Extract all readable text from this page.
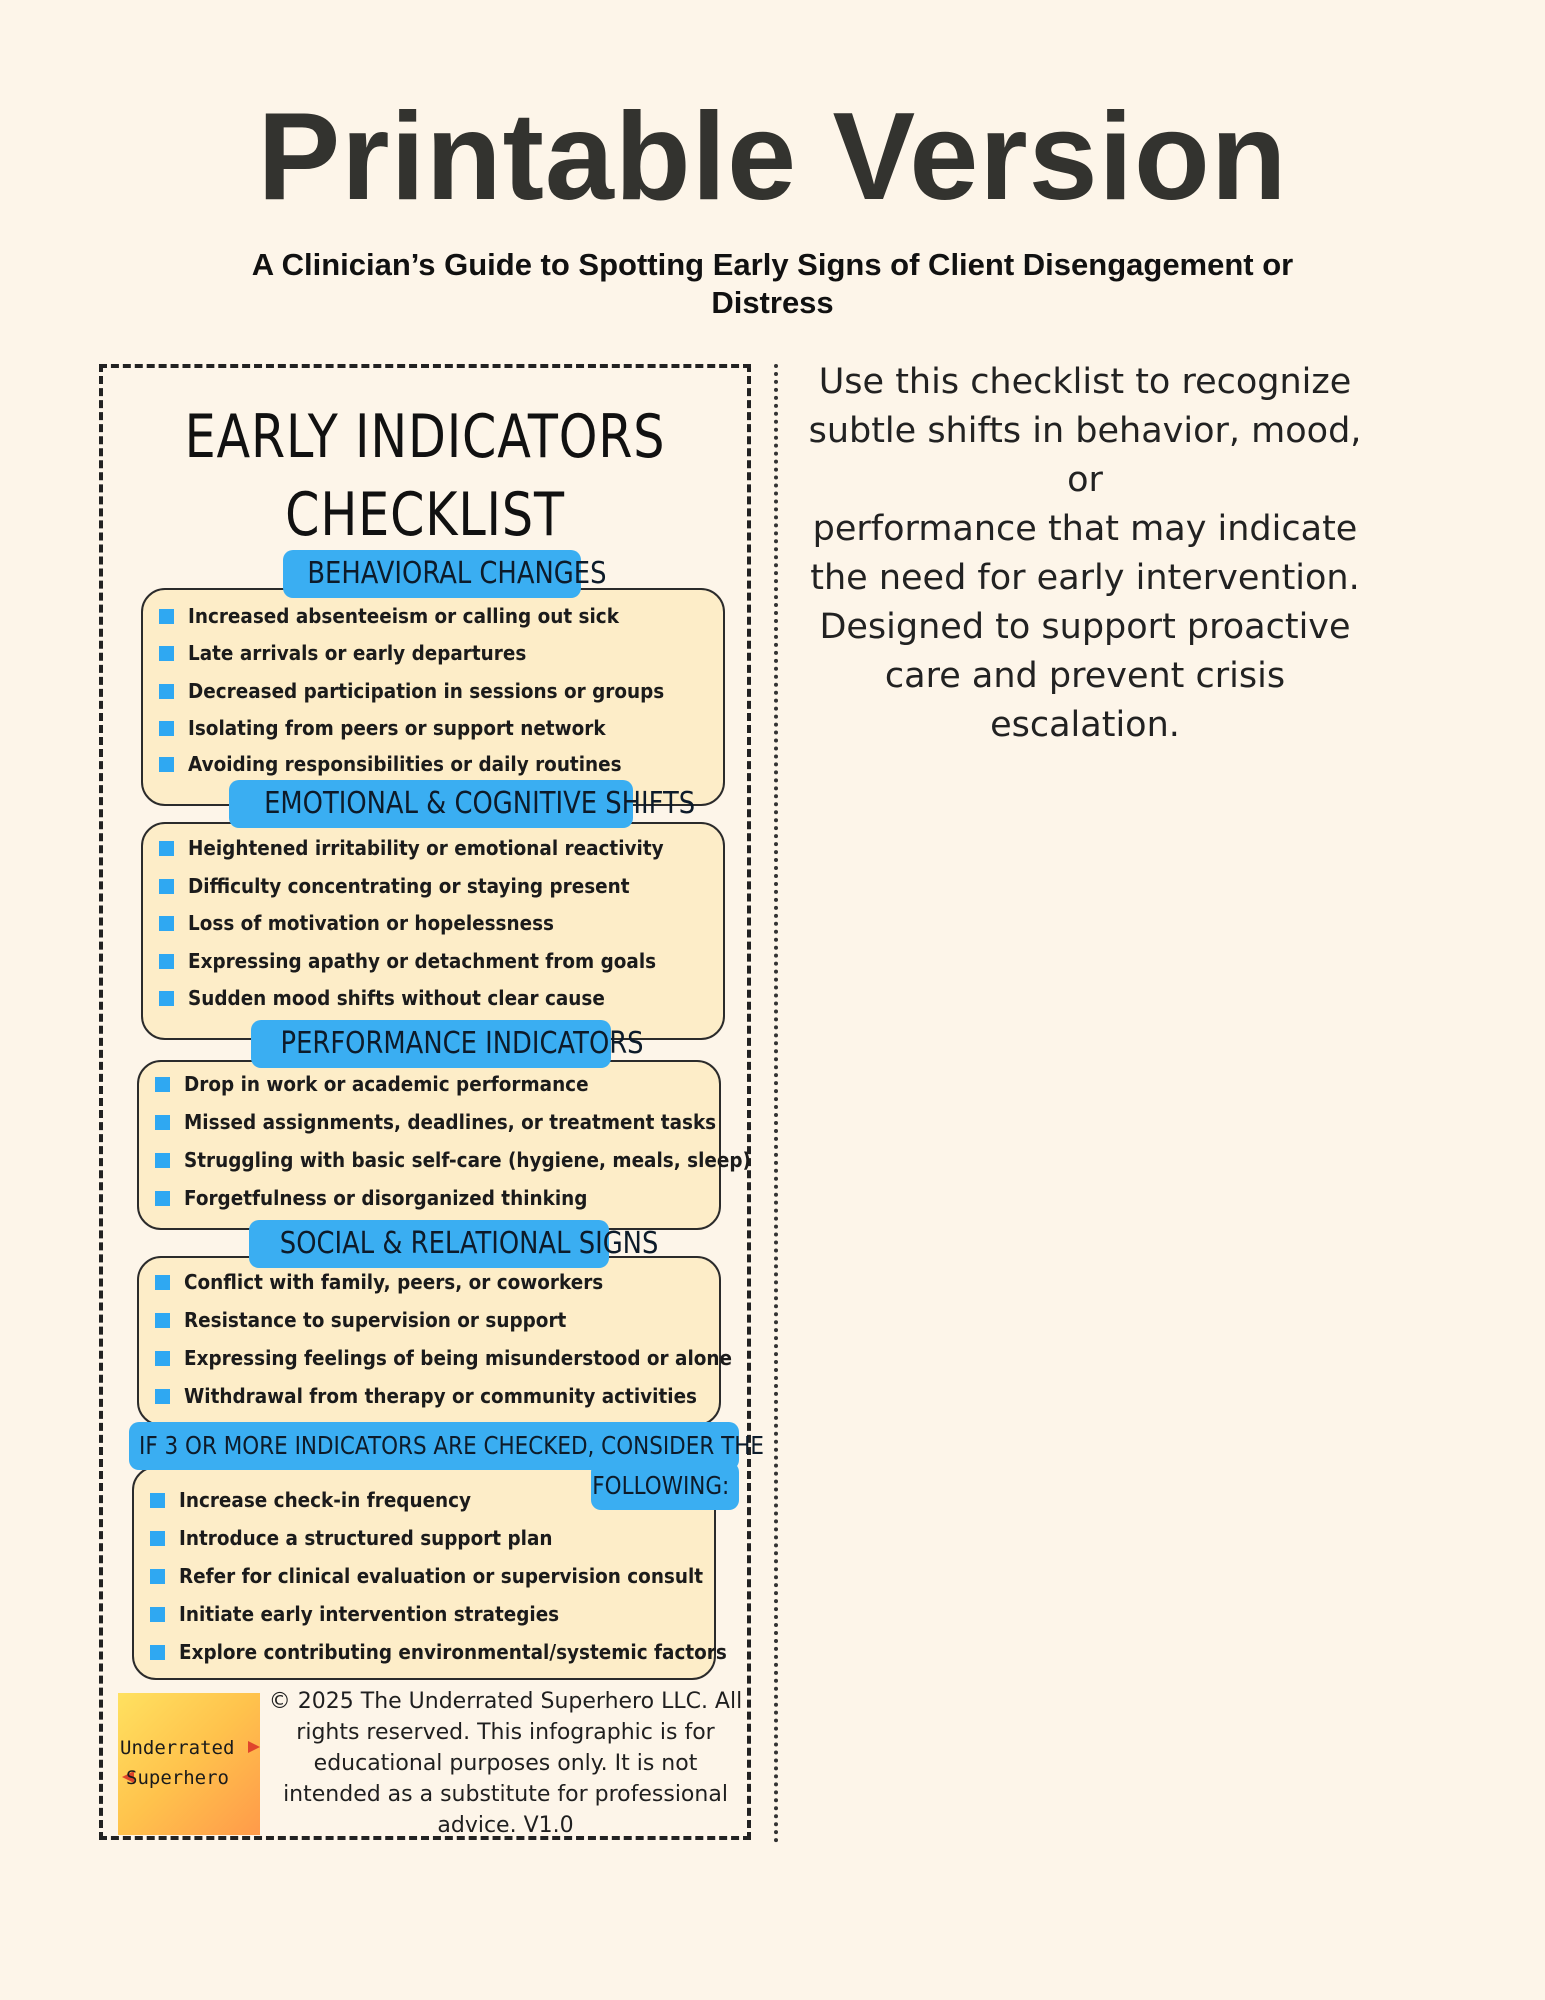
Printable Version
A Clinician’s Guide to Spotting Early Signs of Client Disengagement or
Distress
EARLY INDICATORS
CHECKLIST
Increased absenteeism or calling out sick
Late arrivals or early departures
Decreased participation in sessions or groups
Isolating from peers or support network
Avoiding responsibilities or daily routines
BEHAVIORAL CHANGES
Heightened irritability or emotional reactivity
Difficulty concentrating or staying present
Loss of motivation or hopelessness
Expressing apathy or detachment from goals
Sudden mood shifts without clear cause
EMOTIONAL & COGNITIVE SHIFTS
Drop in work or academic performance
Missed assignments, deadlines, or treatment tasks
Struggling with basic self-care (hygiene, meals, sleep)
Forgetfulness or disorganized thinking
PERFORMANCE INDICATORS
Conflict with family, peers, or coworkers
Resistance to supervision or support
Expressing feelings of being misunderstood or alone
Withdrawal from therapy or community activities
SOCIAL & RELATIONAL SIGNS
Increase check-in frequency
Introduce a structured support plan
Refer for clinical evaluation or supervision consult
Initiate early intervention strategies
Explore contributing environmental/systemic factors
IF 3 OR MORE INDICATORS ARE CHECKED, CONSIDER THE
FOLLOWING:
Underrated
Superhero
© 2025 The Underrated Superhero LLC. All rights reserved. This infographic is for educational purposes only. It is not intended as a substitute for professional advice. V1.0
Use this checklist to recognize
subtle shifts in behavior, mood, or
performance that may indicate
the need for early intervention.
Designed to support proactive
care and prevent crisis escalation.
